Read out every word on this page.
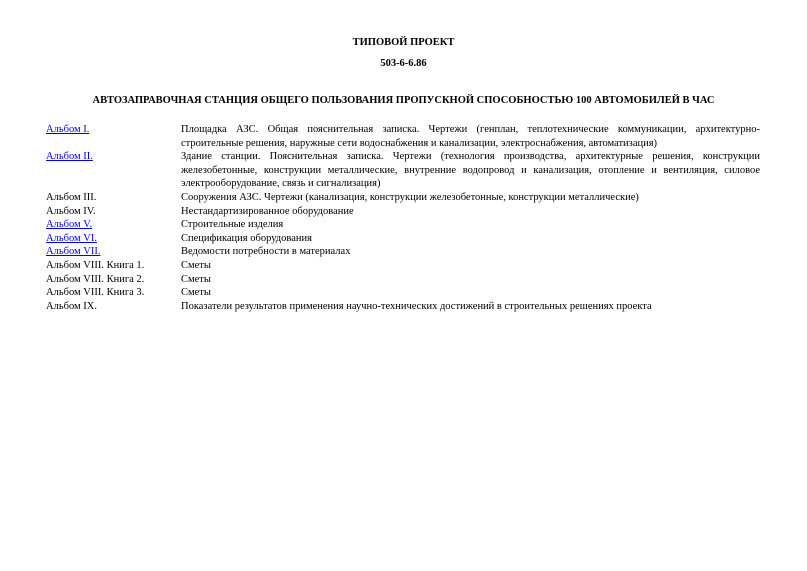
ТИПОВОЙ ПРОЕКТ
503-6-6.86
АВТОЗАПРАВОЧНАЯ СТАНЦИЯ ОБЩЕГО ПОЛЬЗОВАНИЯ ПРОПУСКНОЙ СПОСОБНОСТЬЮ 100 АВТОМОБИЛЕЙ В ЧАС
Альбом I.	Площадка АЗС. Общая пояснительная записка. Чертежи (генплан, теплотехнические коммуникации, архитектурно-строительные решения, наружные сети водоснабжения и канализации, электроснабжения, автоматизация)
Альбом II.	Здание станции. Пояснительная записка. Чертежи (технология производства, архитектурные решения, конструкции железобетонные, конструкции металлические, внутренние водопровод и канализация, отопление и вентиляция, силовое электрооборудование, связь и сигнализация)
Альбом III.	Сооружения АЗС. Чертежи (канализация, конструкции железобетонные, конструкции металлические)
Альбом IV.	Нестандартизированное оборудование
Альбом V.	Строительные изделия
Альбом VI.	Спецификация оборудования
Альбом VII.	Ведомости потребности в материалах
Альбом VIII. Книга 1.	Сметы
Альбом VIII. Книга 2.	Сметы
Альбом VIII. Книга 3.	Сметы
Альбом IX.	Показатели результатов применения научно-технических достижений в строительных решениях проекта
